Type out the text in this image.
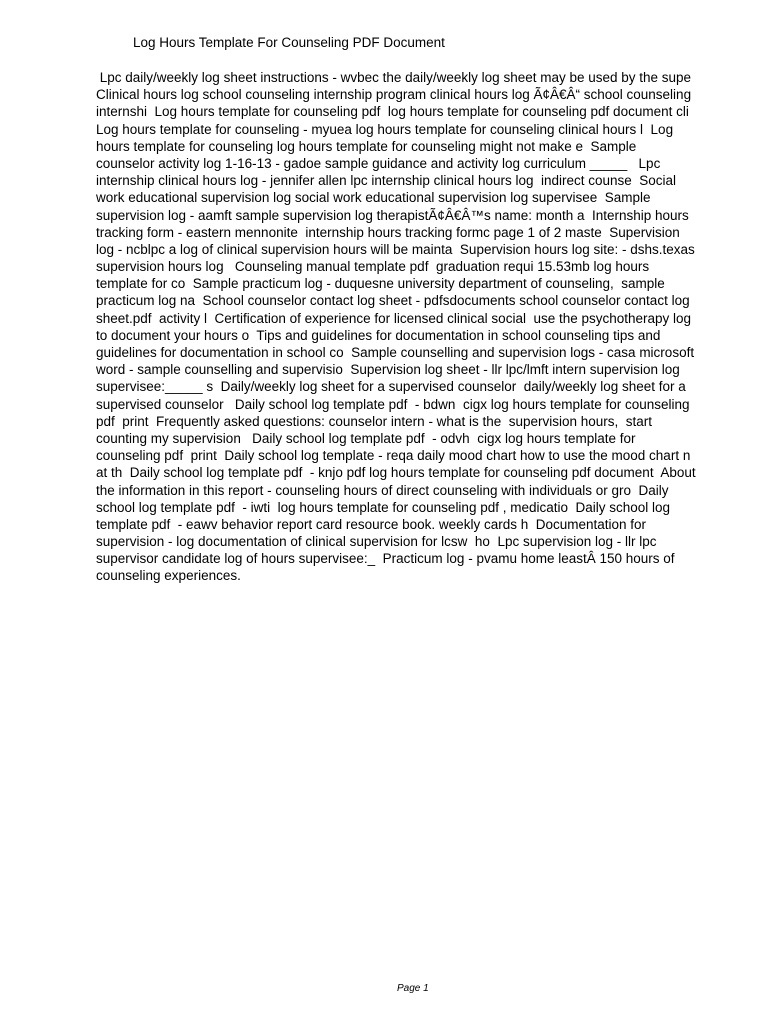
Log Hours Template For Counseling PDF Document
Lpc daily/weekly log sheet instructions - wvbec the daily/weekly log sheet may be used by the supe
Clinical hours log school counseling internship program clinical hours log Ã¢Â€Â“ school counseling
internshi  Log hours template for counseling pdf  log hours template for counseling pdf document cli
Log hours template for counseling - myuea log hours template for counseling clinical hours l  Log
hours template for counseling log hours template for counseling might not make e  Sample
counselor activity log 1-16-13 - gadoe sample guidance and activity log curriculum _____   Lpc
internship clinical hours log - jennifer allen lpc internship clinical hours log  indirect counse  Social
work educational supervision log social work educational supervision log supervisee  Sample
supervision log - aamft sample supervision log therapistÃ¢Â€Â™s name: month a  Internship hours
tracking form - eastern mennonite  internship hours tracking formc page 1 of 2 maste  Supervision
log - ncblpc a log of clinical supervision hours will be mainta  Supervision hours log site: - dshs.texas
supervision hours log   Counseling manual template pdf  graduation requi 15.53mb log hours
template for co  Sample practicum log - duquesne university department of counseling,  sample
practicum log na  School counselor contact log sheet - pdfsdocuments school counselor contact log
sheet.pdf  activity l  Certification of experience for licensed clinical social  use the psychotherapy log
to document your hours o  Tips and guidelines for documentation in school counseling tips and
guidelines for documentation in school co  Sample counselling and supervision logs - casa microsoft
word - sample counselling and supervisio  Supervision log sheet - llr lpc/lmft intern supervision log
supervisee:_____ s  Daily/weekly log sheet for a supervised counselor  daily/weekly log sheet for a
supervised counselor   Daily school log template pdf  - bdwn  cigx log hours template for counseling
pdf  print  Frequently asked questions: counselor intern - what is the  supervision hours,  start
counting my supervision   Daily school log template pdf  - odvh  cigx log hours template for
counseling pdf  print  Daily school log template - reqa daily mood chart how to use the mood chart n
at th  Daily school log template pdf  - knjo pdf log hours template for counseling pdf document  About
the information in this report - counseling hours of direct counseling with individuals or gro  Daily
school log template pdf  - iwti  log hours template for counseling pdf , medicatio  Daily school log
template pdf  - eawv behavior report card resource book. weekly cards h  Documentation for
supervision - log documentation of clinical supervision for lcsw  ho  Lpc supervision log - llr lpc
supervisor candidate log of hours supervisee:_  Practicum log - pvamu home leastÂ 150 hours of
counseling experiences.
Page 1
